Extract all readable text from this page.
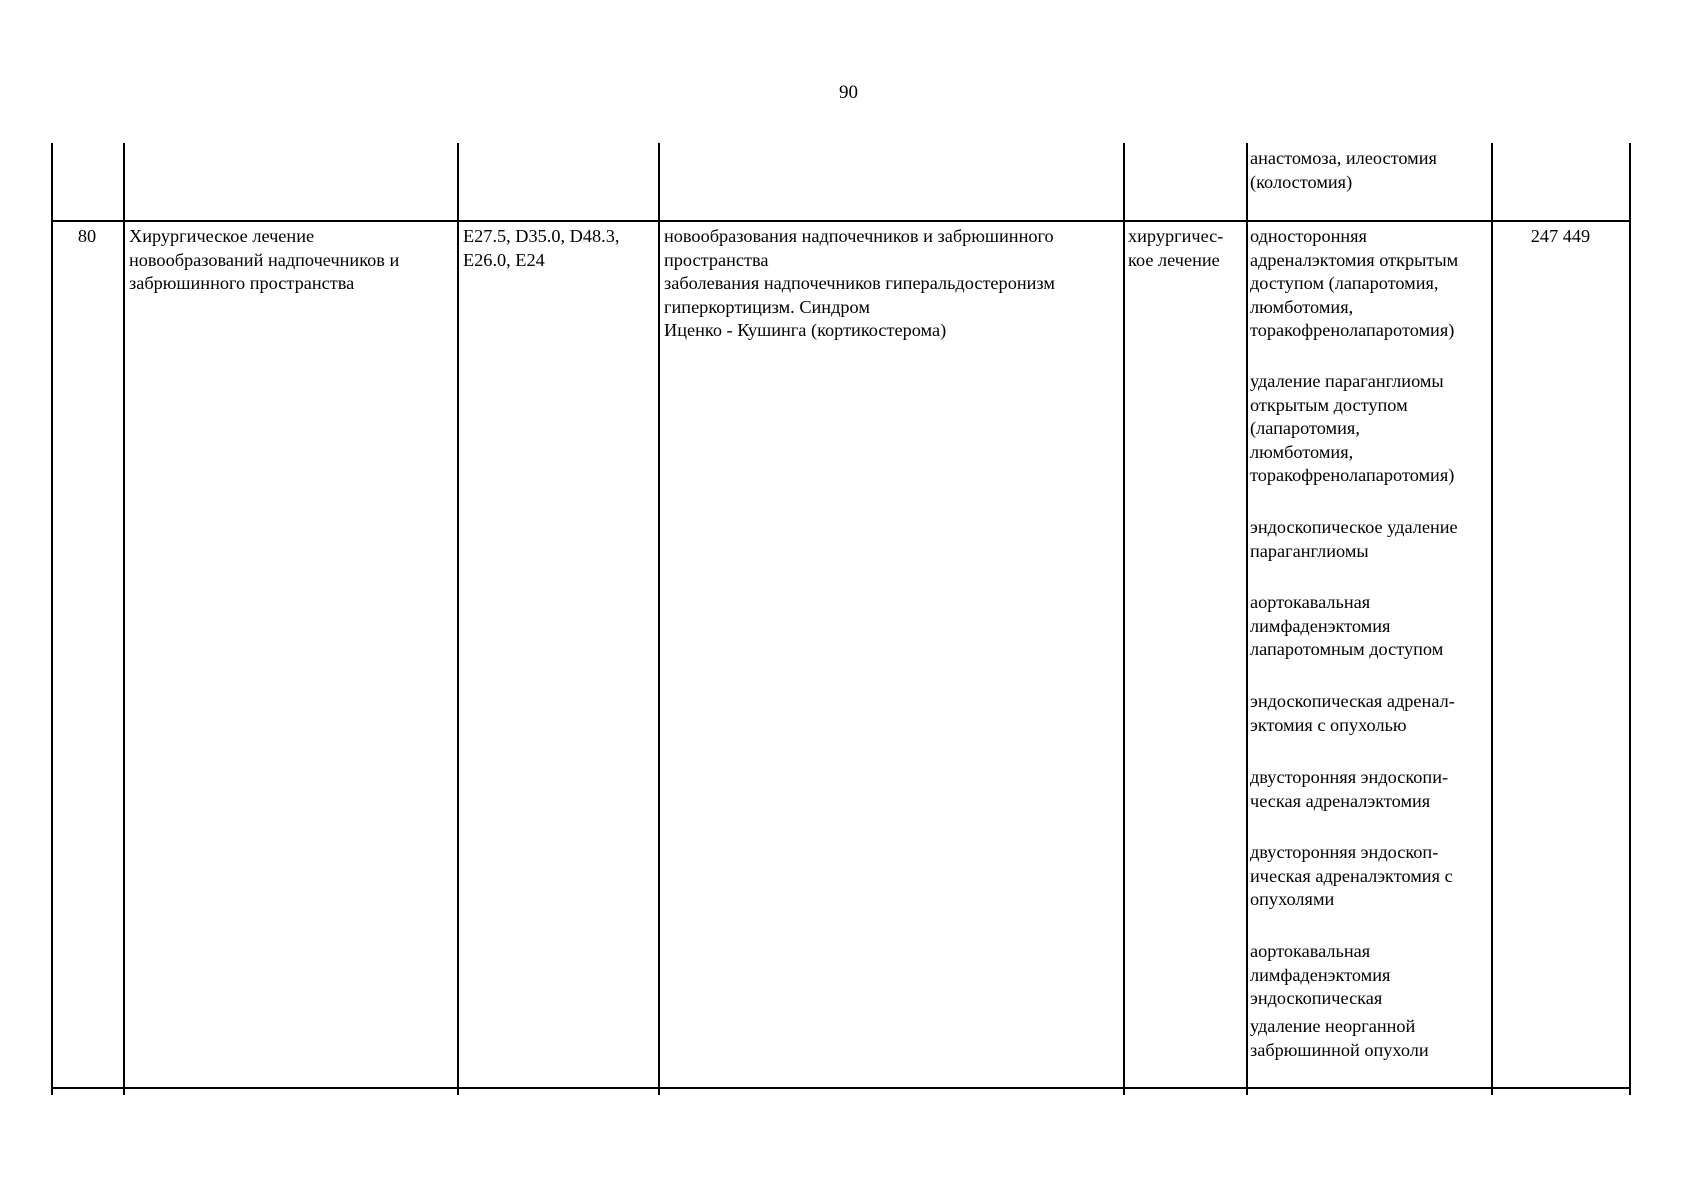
90
анастомоза, илеостомия
(колостомия)
80	Хирургическое лечение
новообразований надпочечников и
забрюшинного пространства
E27.5, D35.0, D48.3,
E26.0, E24
новообразования надпочечников и забрюшинного
пространства
заболевания надпочечников гиперальдостеронизм
гиперкортицизм. Синдром
Иценко - Кушинга (кортикостерома)
хирургичес-
кое лечение
односторонняя
адреналэктомия открытым
доступом (лапаротомия,
люмботомия,
торакофренолапаротомия)
удаление параганглиомы
открытым доступом
(лапаротомия,
люмботомия,
торакофренолапаротомия)
эндоскопическое удаление
параганглиомы
аортокавальная
лимфаденэктомия
лапаротомным доступом
эндоскопическая адренал-
эктомия с опухолью
двусторонняя эндоскопи-
ческая адреналэктомия
двусторонняя эндоскоп-
ическая адреналэктомия с
опухолями
аортокавальная
лимфаденэктомия
эндоскопическая
удаление неорганной
забрюшинной опухоли
247 449
